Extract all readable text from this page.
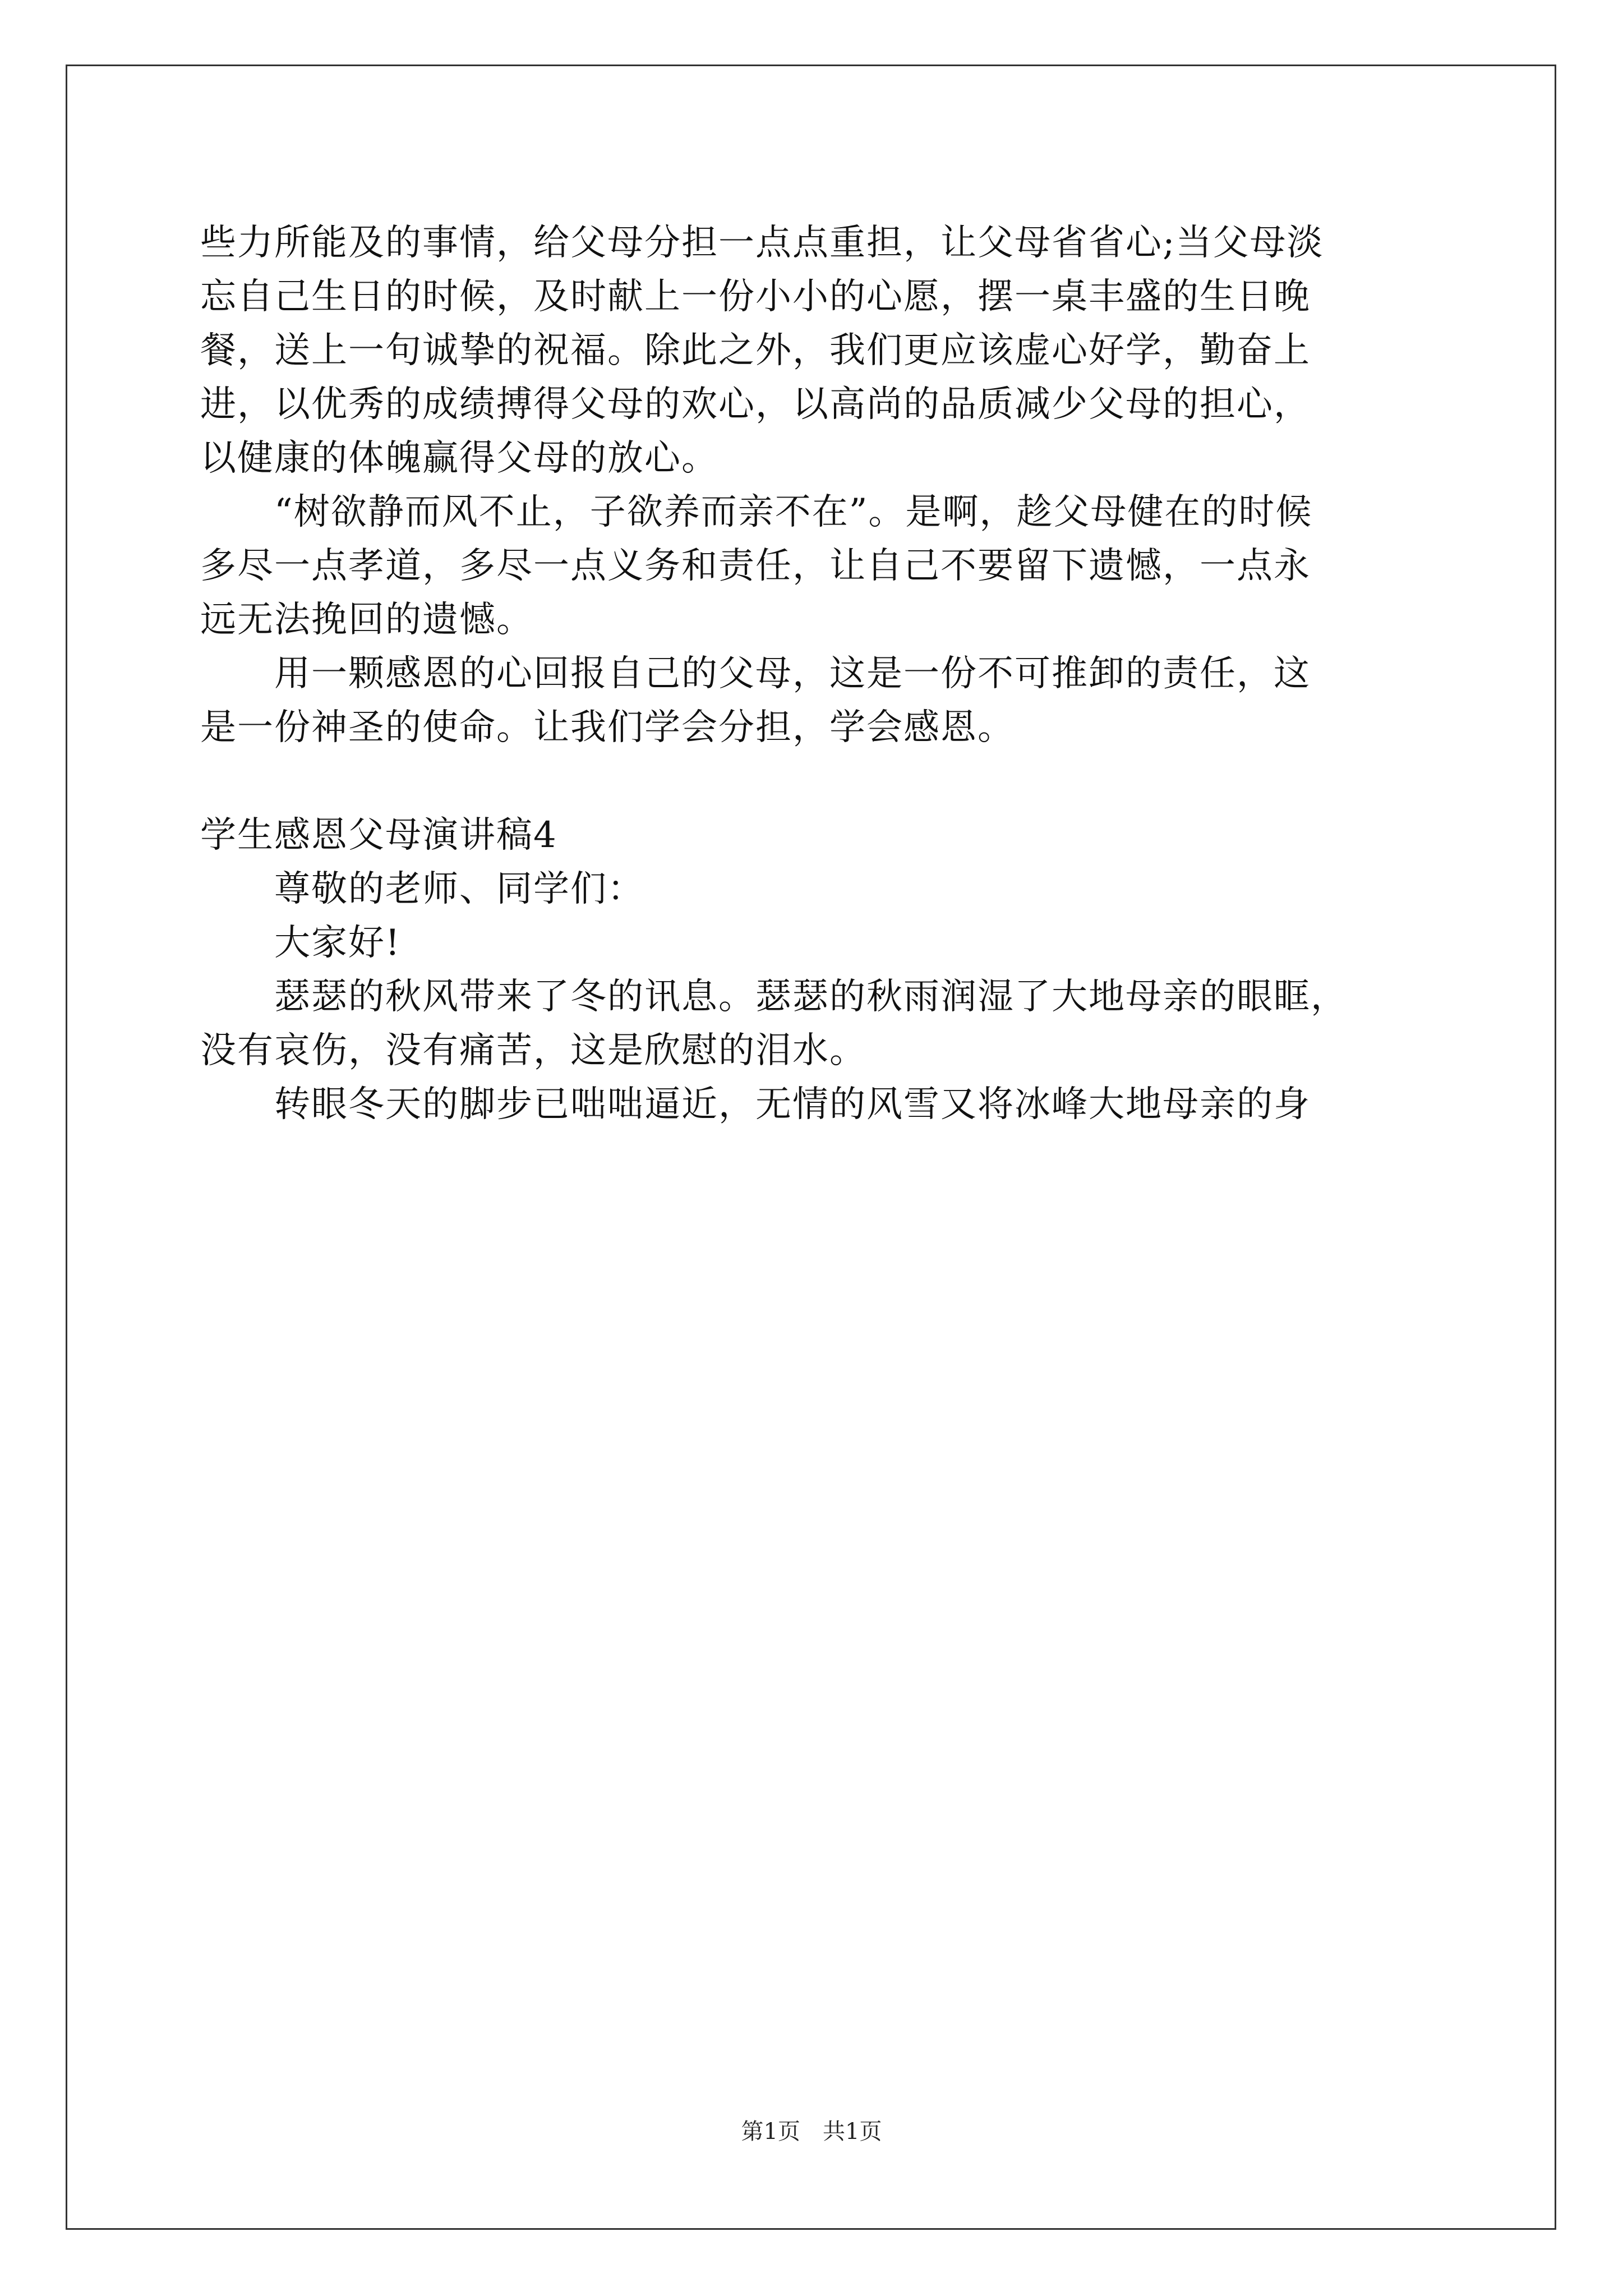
些力所能及的事情，给父母分担一点点重担，让父母省省心;当父母淡

忘自己生日的时候，及时献上一份小小的心愿，摆一桌丰盛的生日晚

餐，送上一句诚挚的祝福。除此之外，我们更应该虚心好学，勤奋上

进，以优秀的成绩搏得父母的欢心，以高尚的品质减少父母的担心，

以健康的体魄赢得父母的放心。

　　“树欲静而风不止，子欲养而亲不在”。是啊，趁父母健在的时候

多尽一点孝道，多尽一点义务和责任，让自己不要留下遗憾，一点永

远无法挽回的遗憾。

　　用一颗感恩的心回报自己的父母，这是一份不可推卸的责任，这

是一份神圣的使命。让我们学会分担，学会感恩。

学生感恩父母演讲稿4

　　尊敬的老师、同学们：

　　大家好!

　　瑟瑟的秋风带来了冬的讯息。瑟瑟的秋雨润湿了大地母亲的眼眶，

没有哀伤，没有痛苦，这是欣慰的泪水。

　　转眼冬天的脚步已咄咄逼近，无情的风雪又将冰峰大地母亲的身

第1页　共1页
